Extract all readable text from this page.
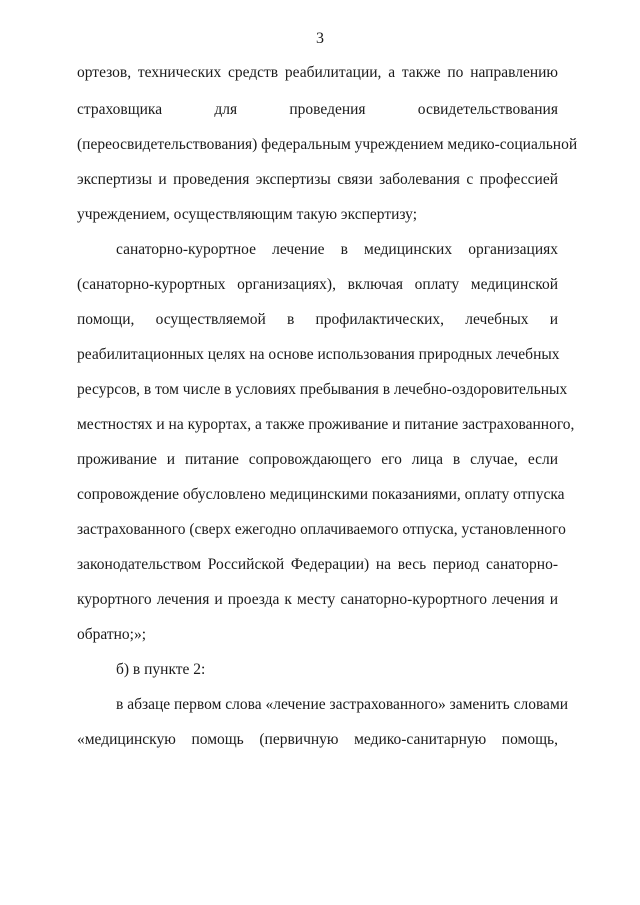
3
ортезов, технических средств реабилитации, а также по направлению
страховщика для проведения освидетельствования
(переосвидетельствования) федеральным учреждением медико-социальной
экспертизы и проведения экспертизы связи заболевания с профессией
учреждением, осуществляющим такую экспертизу;
санаторно-курортное лечение в медицинских организациях
(санаторно-курортных организациях), включая оплату медицинской
помощи, осуществляемой в профилактических, лечебных и
реабилитационных целях на основе использования природных лечебных
ресурсов, в том числе в условиях пребывания в лечебно-оздоровительных
местностях и на курортах, а также проживание и питание застрахованного,
проживание и питание сопровождающего его лица в случае, если
сопровождение обусловлено медицинскими показаниями, оплату отпуска
застрахованного (сверх ежегодно оплачиваемого отпуска, установленного
законодательством Российской Федерации) на весь период санаторно-
курортного лечения и проезда к месту санаторно-курортного лечения и
обратно;»;
б) в пункте 2:
в абзаце первом слова «лечение застрахованного» заменить словами
«медицинскую помощь (первичную медико-санитарную помощь,
